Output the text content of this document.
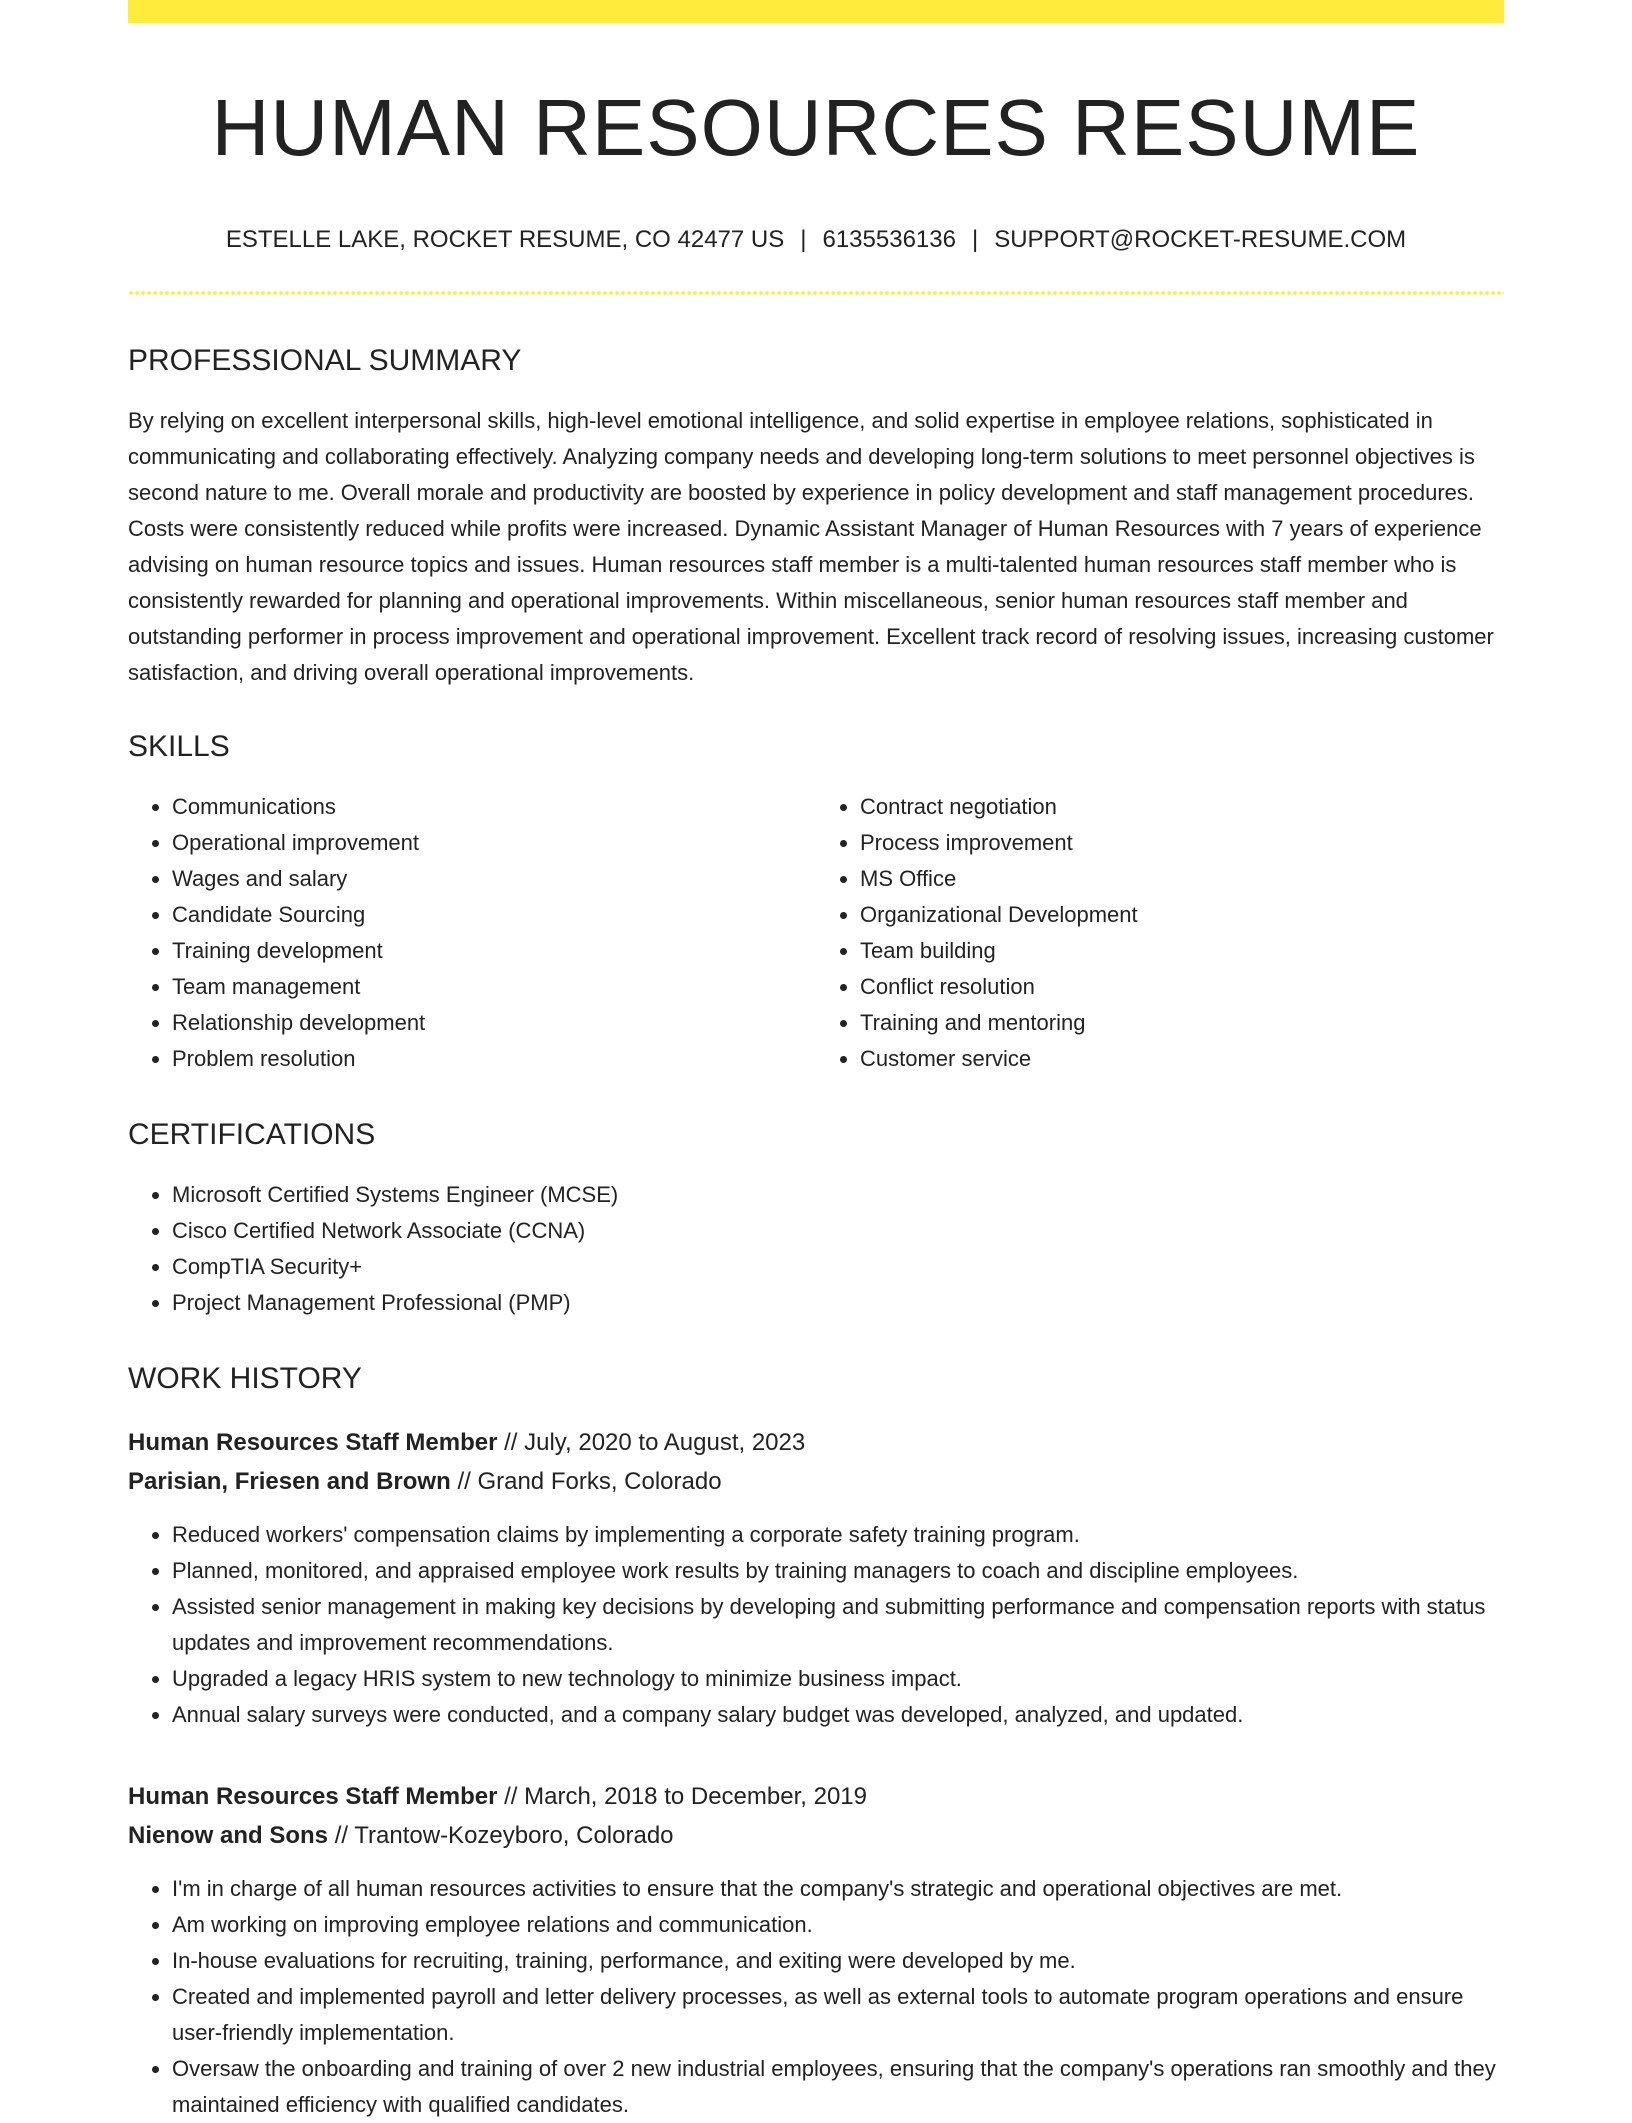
HUMAN RESOURCES RESUME
ESTELLE LAKE, ROCKET RESUME, CO 42477 US | 6135536136 | SUPPORT@ROCKET-RESUME.COM
PROFESSIONAL SUMMARY
By relying on excellent interpersonal skills, high-level emotional intelligence, and solid expertise in employee relations, sophisticated in communicating and collaborating effectively. Analyzing company needs and developing long-term solutions to meet personnel objectives is second nature to me. Overall morale and productivity are boosted by experience in policy development and staff management procedures. Costs were consistently reduced while profits were increased. Dynamic Assistant Manager of Human Resources with 7 years of experience advising on human resource topics and issues. Human resources staff member is a multi-talented human resources staff member who is consistently rewarded for planning and operational improvements. Within miscellaneous, senior human resources staff member and outstanding performer in process improvement and operational improvement. Excellent track record of resolving issues, increasing customer satisfaction, and driving overall operational improvements.
SKILLS
• Communications
• Operational improvement
• Wages and salary
• Candidate Sourcing
• Training development
• Team management
• Relationship development
• Problem resolution
• Contract negotiation
• Process improvement
• MS Office
• Organizational Development
• Team building
• Conflict resolution
• Training and mentoring
• Customer service
CERTIFICATIONS
• Microsoft Certified Systems Engineer (MCSE)
• Cisco Certified Network Associate (CCNA)
• CompTIA Security+
• Project Management Professional (PMP)
WORK HISTORY
Human Resources Staff Member // July, 2020 to August, 2023
Parisian, Friesen and Brown // Grand Forks, Colorado
• Reduced workers' compensation claims by implementing a corporate safety training program.
• Planned, monitored, and appraised employee work results by training managers to coach and discipline employees.
• Assisted senior management in making key decisions by developing and submitting performance and compensation reports with status updates and improvement recommendations.
• Upgraded a legacy HRIS system to new technology to minimize business impact.
• Annual salary surveys were conducted, and a company salary budget was developed, analyzed, and updated.
Human Resources Staff Member // March, 2018 to December, 2019
Nienow and Sons // Trantow-Kozeyboro, Colorado
• I'm in charge of all human resources activities to ensure that the company's strategic and operational objectives are met.
• Am working on improving employee relations and communication.
• In-house evaluations for recruiting, training, performance, and exiting were developed by me.
• Created and implemented payroll and letter delivery processes, as well as external tools to automate program operations and ensure user-friendly implementation.
• Oversaw the onboarding and training of over 2 new industrial employees, ensuring that the company's operations ran smoothly and they maintained efficiency with qualified candidates.
